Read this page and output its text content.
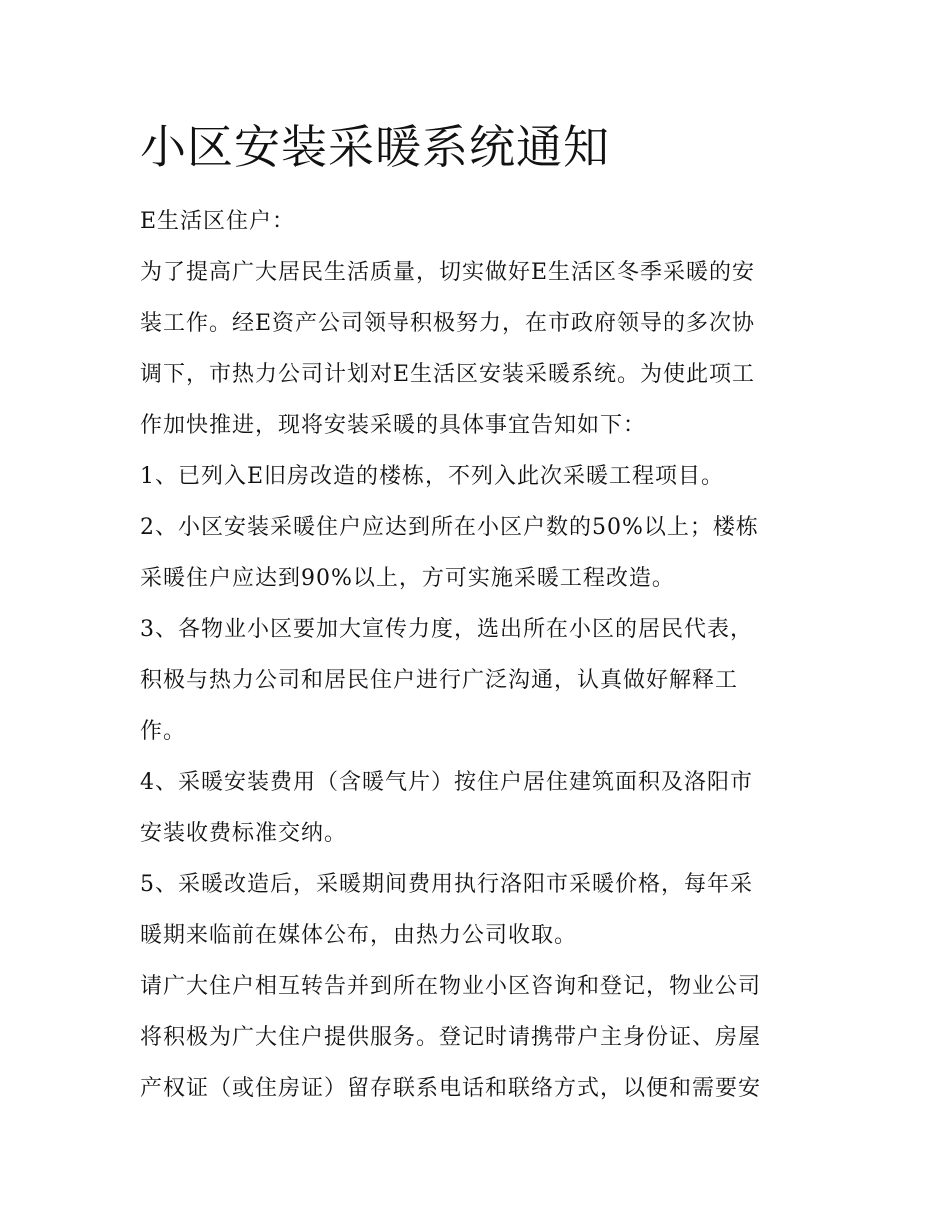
小区安装采暖系统通知
E生活区住户：
为了提高广大居民生活质量，切实做好E生活区冬季采暖的安
装工作。经E资产公司领导积极努力，在市政府领导的多次协
调下，市热力公司计划对E生活区安装采暖系统。为使此项工
作加快推进，现将安装采暖的具体事宜告知如下：
1、已列入E旧房改造的楼栋，不列入此次采暖工程项目。
2、小区安装采暖住户应达到所在小区户数的50%以上；楼栋
采暖住户应达到90%以上，方可实施采暖工程改造。
3、各物业小区要加大宣传力度，选出所在小区的居民代表，
积极与热力公司和居民住户进行广泛沟通，认真做好解释工
作。
4、采暖安装费用（含暖气片）按住户居住建筑面积及洛阳市
安装收费标准交纳。
5、采暖改造后，采暖期间费用执行洛阳市采暖价格，每年采
暖期来临前在媒体公布，由热力公司收取。
请广大住户相互转告并到所在物业小区咨询和登记，物业公司
将积极为广大住户提供服务。登记时请携带户主身份证、房屋
产权证（或住房证）留存联系电话和联络方式，以便和需要安
